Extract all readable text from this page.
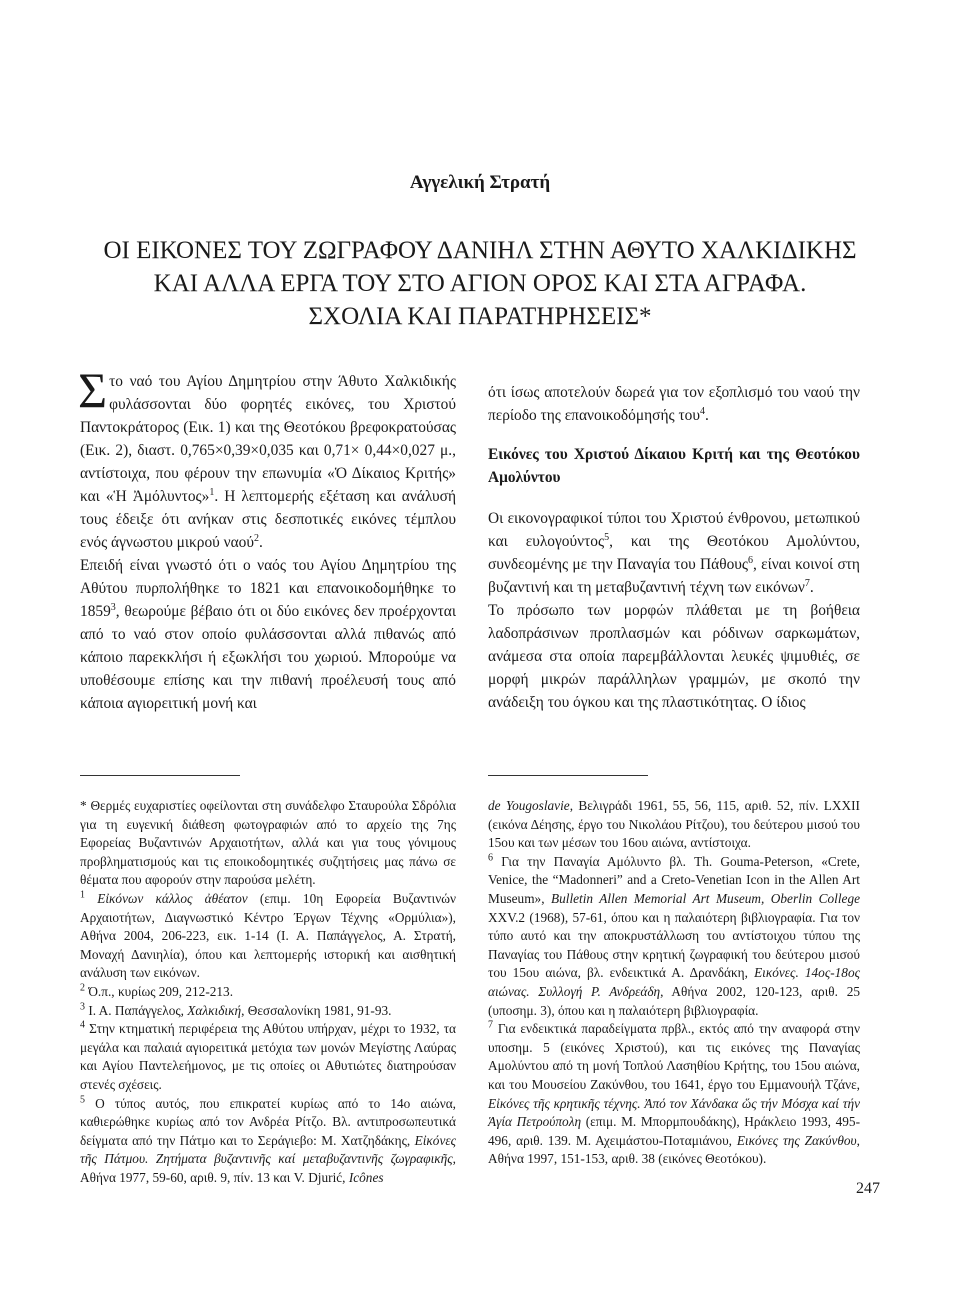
Αγγελική Στρατή
ΟΙ ΕΙΚΟΝΕΣ ΤΟΥ ΖΩΓΡΑΦΟΥ ΔΑΝΙΗΛ ΣΤΗΝ ΑΘΥΤΟ ΧΑΛΚΙΔΙΚΗΣ
ΚΑΙ ΑΛΛΑ ΕΡΓΑ ΤΟΥ ΣΤΟ ΑΓΙΟΝ ΟΡΟΣ ΚΑΙ ΣΤΑ ΑΓΡΑΦΑ.
ΣΧΟΛΙΑ ΚΑΙ ΠΑΡΑΤΗΡΗΣΕΙΣ*

Στο ναό του Αγίου Δημητρίου στην Άθυτο Χαλκιδικής φυλάσσονται δύο φορητές εικόνες, του Χριστού Παντοκράτορος (Εικ. 1) και της Θεοτόκου βρεφοκρατούσας (Εικ. 2), διαστ. 0,765×0,39×0,035 και 0,71× 0,44×0,027 μ., αντίστοιχα, που φέρουν την επωνυμία «Ὁ Δίκαιος Κριτής» και «Ἡ Ἀμόλυντος»$^1$. Η λεπτομερής εξέταση και ανάλυσή τους έδειξε ότι ανήκαν στις δεσποτικές εικόνες τέμπλου ενός άγνωστου μικρού ναού$^2$.

Επειδή είναι γνωστό ότι ο ναός του Αγίου Δημητρίου της Αθύτου πυρπολήθηκε το 1821 και επανοικοδομήθηκε το 1859$^3$, θεωρούμε βέβαιο ότι οι δύο εικόνες δεν προέρχονται από το ναό στον οποίο φυλάσσονται αλλά πιθανώς από κάποιο παρεκκλήσι ή εξωκλήσι του χωριού. Μπορούμε να υποθέσουμε επίσης και την πιθανή προέλευσή τους από κάποια αγιορειτική μονή και

ότι ίσως αποτελούν δωρεά για τον εξοπλισμό του ναού την περίοδο της επανοικοδόμησής του$^4$.

Εικόνες του Χριστού Δίκαιου Κριτή και της Θεοτόκου Αμολύντου

Οι εικονογραφικοί τύποι του Χριστού ένθρονου, μετωπικού και ευλογούντος$^5$, και της Θεοτόκου Αμολύντου, συνδεομένης με την Παναγία του Πάθους$^6$, είναι κοινοί στη βυζαντινή και τη μεταβυζαντινή τέχνη των εικόνων$^7$.

Το πρόσωπο των μορφών πλάθεται με τη βοήθεια λαδοπράσινων προπλασμών και ρόδινων σαρκωμάτων, ανάμεσα στα οποία παρεμβάλλονται λευκές ψιμυθιές, σε μορφή μικρών παράλληλων γραμμών, με σκοπό την ανάδειξη του όγκου και της πλαστικότητας. Ο ίδιος

* Θερμές ευχαριστίες οφείλονται στη συνάδελφο Σταυρούλα Σδρόλια για τη ευγενική διάθεση φωτογραφιών από το αρχείο της 7ης Εφορείας Βυζαντινών Αρχαιοτήτων, αλλά και για τους γόνιμους προβληματισμούς και τις εποικοδομητικές συζητήσεις μας πάνω σε θέματα που αφορούν στην παρούσα μελέτη.

$^1$ Εἰκόνων κάλλος ἀθέατον (επιμ. 10η Εφορεία Βυζαντινών Αρχαιοτήτων, Διαγνωστικό Κέντρο Έργων Τέχνης «Ορμύλια»), Αθήνα 2004, 206-223, εικ. 1-14 (Ι. Α. Παπάγγελος, Α. Στρατή, Μοναχή Δανιηλία), όπου και λεπτομερής ιστορική και αισθητική ανάλυση των εικόνων.

$^2$ Ό.π., κυρίως 209, 212-213.

$^3$ Ι. Α. Παπάγγελος, Χαλκιδική, Θεσσαλονίκη 1981, 91-93.

$^4$ Στην κτηματική περιφέρεια της Αθύτου υπήρχαν, μέχρι το 1932, τα μεγάλα και παλαιά αγιορειτικά μετόχια των μονών Μεγίστης Λαύρας και Αγίου Παντελεήμονος, με τις οποίες οι Αθυτιώτες διατηρούσαν στενές σχέσεις.

$^5$ Ο τύπος αυτός, που επικρατεί κυρίως από το 14ο αιώνα, καθιερώθηκε κυρίως από τον Ανδρέα Ρίτζο. Βλ. αντιπροσωπευτικά δείγματα από την Πάτμο και το Σεράγιεβο: Μ. Χατζηδάκης, Εἰκόνες τῆς Πάτμου. Ζητήματα βυζαντινῆς καί μεταβυζαντινῆς ζωγραφικῆς, Αθήνα 1977, 59-60, αριθ. 9, πίν. 13 και V. Djurić, Icônes

de Yougoslavie, Βελιγράδι 1961, 55, 56, 115, αριθ. 52, πίν. LXXII (εικόνα Δέησης, έργο του Νικολάου Ρίτζου), του δεύτερου μισού του 15ου και των μέσων του 16ου αιώνα, αντίστοιχα.

$^6$ Για την Παναγία Αμόλυντο βλ. Th. Gouma-Peterson, «Crete, Venice, the “Madonneri” and a Creto-Venetian Icon in the Allen Art Museum», Bulletin Allen Memorial Art Museum, Oberlin College XXV.2 (1968), 57-61, όπου και η παλαιότερη βιβλιογραφία. Για τον τύπο αυτό και την αποκρυστάλλωση του αντίστοιχου τύπου της Παναγίας του Πάθους στην κρητική ζωγραφική του δεύτερου μισού του 15ου αιώνα, βλ. ενδεικτικά Α. Δρανδάκη, Εικόνες. 14ος-18ος αιώνας. Συλλογή Ρ. Ανδρεάδη, Αθήνα 2002, 120-123, αριθ. 25 (υποσημ. 3), όπου και η παλαιότερη βιβλιογραφία.

$^7$ Για ενδεικτικά παραδείγματα πρβλ., εκτός από την αναφορά στην υποσημ. 5 (εικόνες Χριστού), και τις εικόνες της Παναγίας Αμολύντου από τη μονή Τοπλού Λασηθίου Κρήτης, του 15ου αιώνα, και του Μουσείου Ζακύνθου, του 1641, έργο του Εμμανουήλ Τζάνε, Εἰκόνες τῆς κρητικῆς τέχνης. Ἀπό τον Χάνδακα ὥς τήν Μόσχα καί τήν Ἁγία Πετρούπολη (επιμ. Μ. Μπορμπουδάκης), Ηράκλειο 1993, 495-496, αριθ. 139. Μ. Αχειμάστου-Ποταμιάνου, Εικόνες της Ζακύνθου, Αθήνα 1997, 151-153, αριθ. 38 (εικόνες Θεοτόκου).

247
